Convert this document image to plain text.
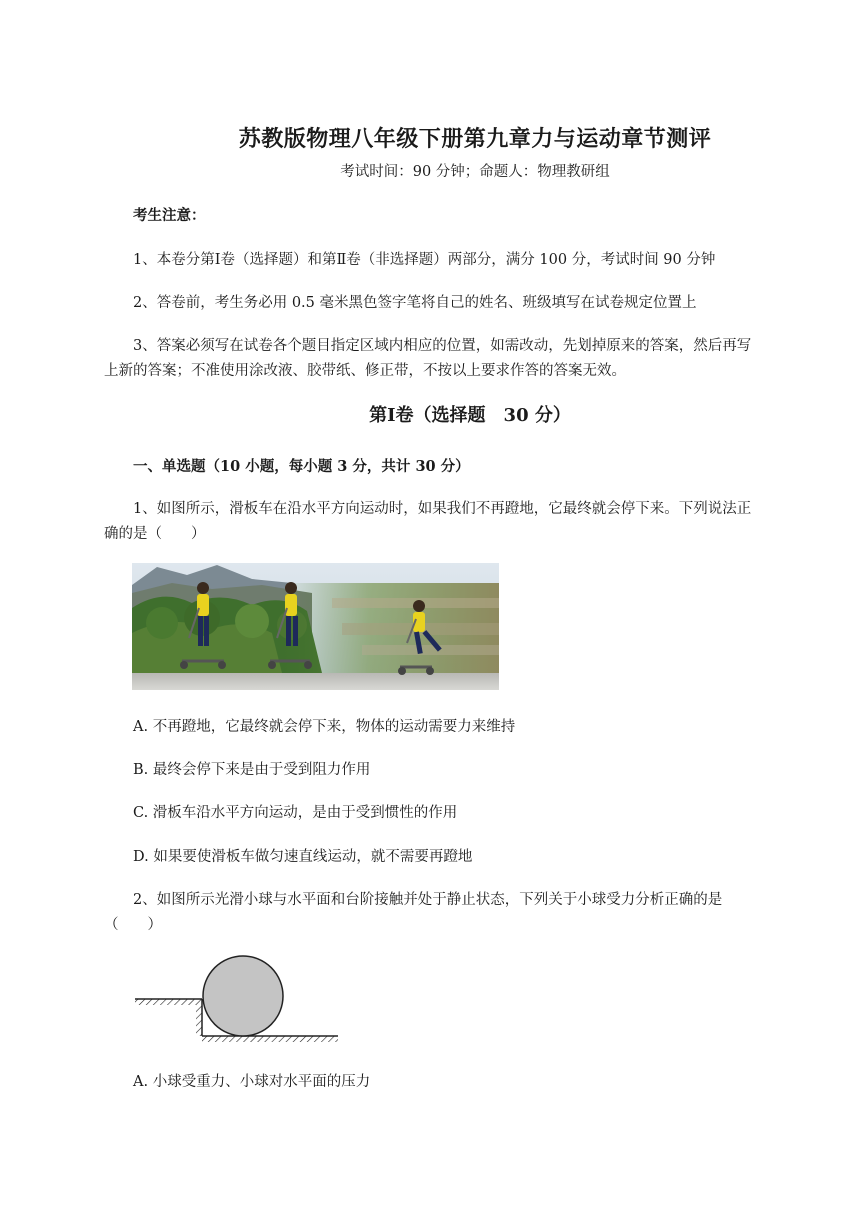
苏教版物理八年级下册第九章力与运动章节测评
考试时间：90 分钟；命题人：物理教研组
考生注意：
1、本卷分第Ⅰ卷（选择题）和第Ⅱ卷（非选择题）两部分，满分 100 分，考试时间 90 分钟
2、答卷前，考生务必用 0.5 毫米黑色签字笔将自己的姓名、班级填写在试卷规定位置上
3、答案必须写在试卷各个题目指定区域内相应的位置，如需改动，先划掉原来的答案，然后再写
上新的答案；不准使用涂改液、胶带纸、修正带，不按以上要求作答的答案无效。
第Ⅰ卷（选择题　30 分）
一、单选题（10 小题，每小题 3 分，共计 30 分）
1、如图所示，滑板车在沿水平方向运动时，如果我们不再蹬地，它最终就会停下来。下列说法正
确的是（　　）
A. 不再蹬地，它最终就会停下来，物体的运动需要力来维持
B. 最终会停下来是由于受到阻力作用
C. 滑板车沿水平方向运动，是由于受到惯性的作用
D. 如果要使滑板车做匀速直线运动，就不需要再蹬地
2、如图所示光滑小球与水平面和台阶接触并处于静止状态，下列关于小球受力分析正确的是
（　　）
A. 小球受重力、小球对水平面的压力
